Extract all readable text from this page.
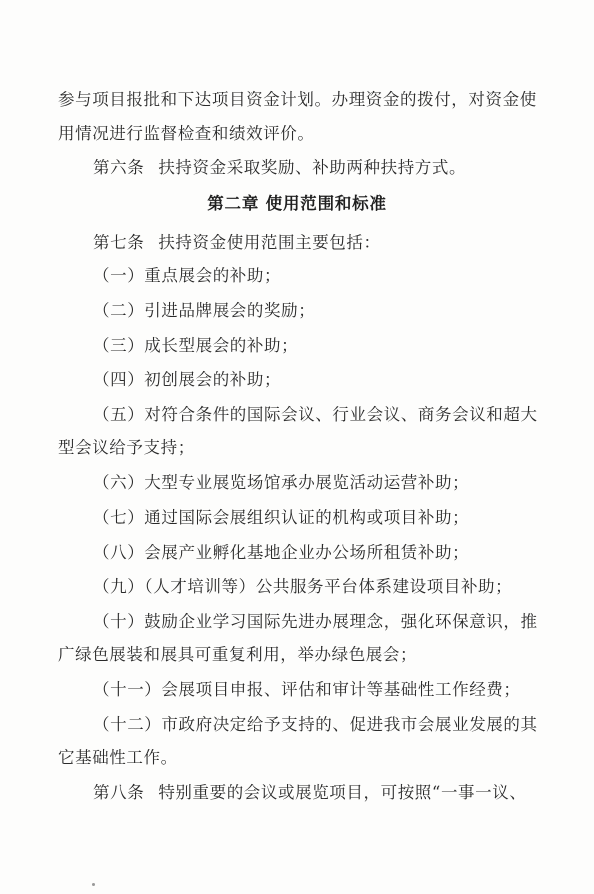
参与项目报批和下达项目资金计划。办理资金的拨付，对资金使
用情况进行监督检查和绩效评价。
第六条 扶持资金采取奖励、补助两种扶持方式。
第二章 使用范围和标准
第七条 扶持资金使用范围主要包括：
（一）重点展会的补助；
（二）引进品牌展会的奖励；
（三）成长型展会的补助；
（四）初创展会的补助；
（五）对符合条件的国际会议、行业会议、商务会议和超大
型会议给予支持；
（六）大型专业展览场馆承办展览活动运营补助；
（七）通过国际会展组织认证的机构或项目补助；
（八）会展产业孵化基地企业办公场所租赁补助；
（九）（人才培训等）公共服务平台体系建设项目补助；
（十）鼓励企业学习国际先进办展理念，强化环保意识，推
广绿色展装和展具可重复利用，举办绿色展会；
（十一）会展项目申报、评估和审计等基础性工作经费；
（十二）市政府决定给予支持的、促进我市会展业发展的其
它基础性工作。
第八条 特别重要的会议或展览项目，可按照“一事一议、
